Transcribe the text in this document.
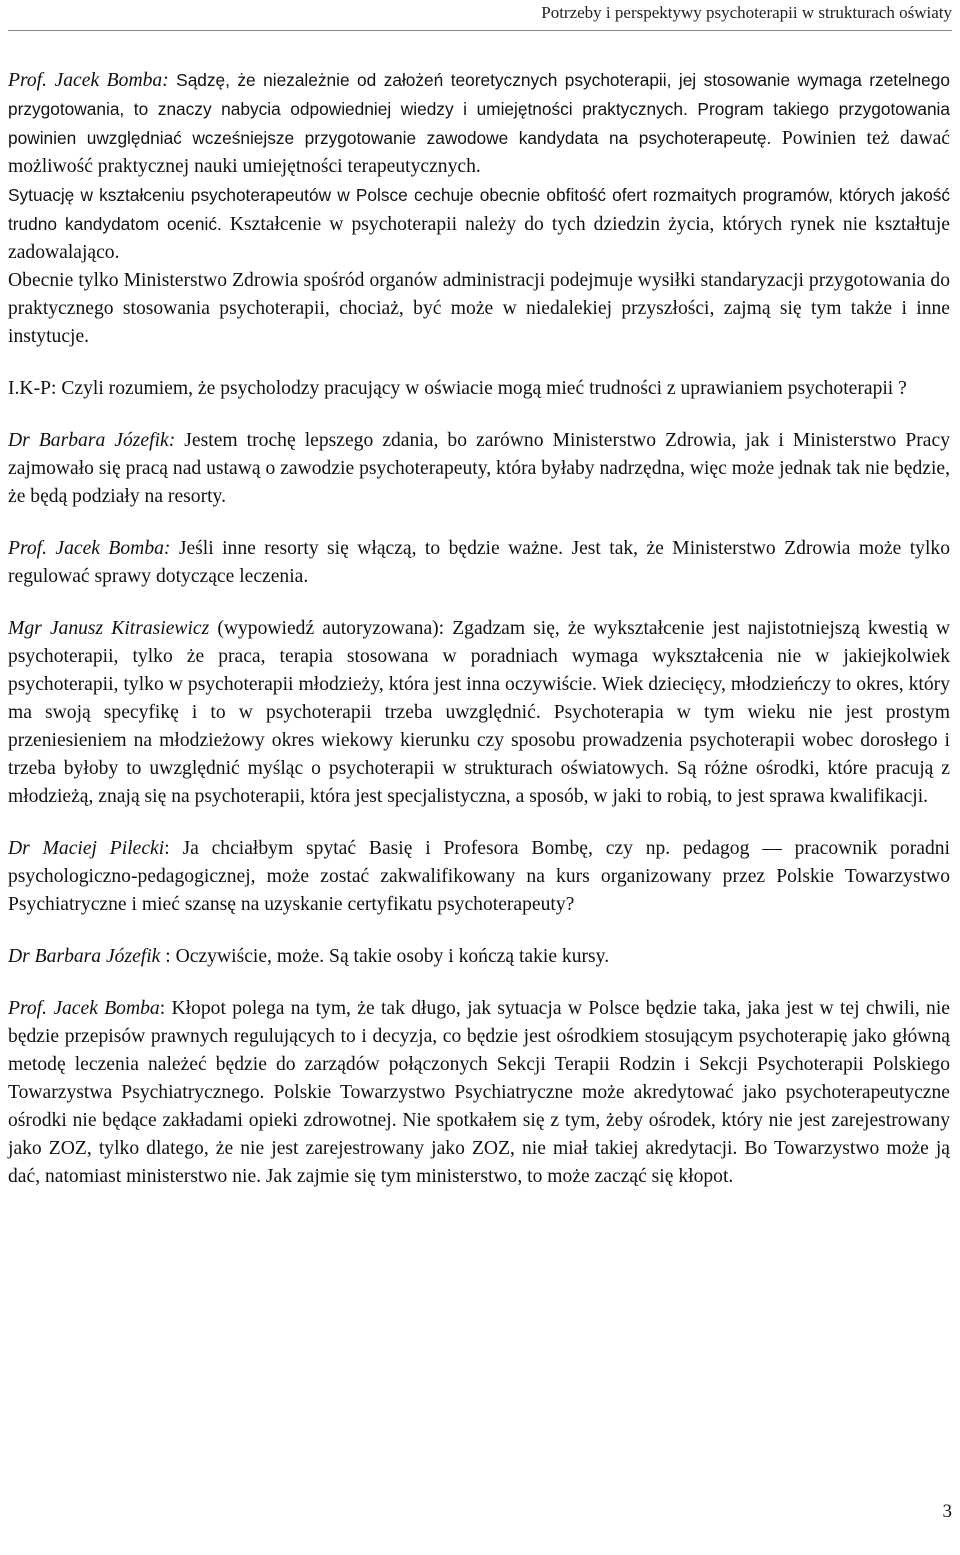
Potrzeby i perspektywy psychoterapii w strukturach oświaty

Prof. Jacek Bomba: Sądzę, że niezależnie od założeń teoretycznych psychoterapii, jej stosowanie wymaga rzetelnego przygotowania, to znaczy nabycia odpowiedniej wiedzy i umiejętności praktycznych. Program takiego przygotowania powinien uwzględniać wcześniejsze przygotowanie zawodowe kandydata na psychoterapeutę. Powinien też dawać możliwość praktycznej nauki umiejętności terapeutycznych.

Sytuację w kształceniu psychoterapeutów w Polsce cechuje obecnie obfitość ofert rozmaitych programów, których jakość trudno kandydatom ocenić. Kształcenie w psychoterapii należy do tych dziedzin życia, których rynek nie kształtuje zadowalająco.

Obecnie tylko Ministerstwo Zdrowia spośród organów administracji podejmuje wysiłki standaryzacji przygotowania do praktycznego stosowania psychoterapii, chociaż, być może w niedalekiej przyszłości, zajmą się tym także i inne instytucje.

I.K-P: Czyli rozumiem, że psycholodzy pracujący w oświacie mogą mieć trudności z uprawianiem psychoterapii ?

Dr Barbara Józefik: Jestem trochę lepszego zdania, bo zarówno Ministerstwo Zdrowia, jak i Ministerstwo Pracy zajmowało się pracą nad ustawą o zawodzie psychoterapeuty, która byłaby nadrzędna, więc może jednak tak nie będzie, że będą podziały na resorty.

Prof. Jacek Bomba: Jeśli inne resorty się włączą, to będzie ważne. Jest tak, że Ministerstwo Zdrowia może tylko regulować sprawy dotyczące leczenia.

Mgr Janusz Kitrasiewicz (wypowiedź autoryzowana): Zgadzam się, że wykształcenie jest najistotniejszą kwestią w psychoterapii, tylko że praca, terapia stosowana w poradniach wymaga wykształcenia nie w jakiejkolwiek psychoterapii, tylko w psychoterapii młodzieży, która jest inna oczywiście. Wiek dziecięcy, młodzieńczy to okres, który ma swoją specyfikę i to w psychoterapii trzeba uwzględnić. Psychoterapia w tym wieku nie jest prostym przeniesieniem na młodzieżowy okres wiekowy kierunku czy sposobu prowadzenia psychoterapii wobec dorosłego i trzeba byłoby to uwzględnić myśląc o psychoterapii w strukturach oświatowych. Są różne ośrodki, które pracują z młodzieżą, znają się na psychoterapii, która jest specjalistyczna, a sposób, w jaki to robią, to jest sprawa kwalifikacji.

Dr Maciej Pilecki: Ja chciałbym spytać Basię i Profesora Bombę, czy np. pedagog — pracownik poradni psychologiczno-pedagogicznej, może zostać zakwalifikowany na kurs organizowany przez Polskie Towarzystwo Psychiatryczne i mieć szansę na uzyskanie certyfikatu psychoterapeuty?

Dr Barbara Józefik : Oczywiście, może. Są takie osoby i kończą takie kursy.

Prof. Jacek Bomba: Kłopot polega na tym, że tak długo, jak sytuacja w Polsce będzie taka, jaka jest w tej chwili, nie będzie przepisów prawnych regulujących to i decyzja, co będzie jest ośrodkiem stosującym psychoterapię jako główną metodę leczenia należeć będzie do zarządów połączonych Sekcji Terapii Rodzin i Sekcji Psychoterapii Polskiego Towarzystwa Psychiatrycznego. Polskie Towarzystwo Psychiatryczne może akredytować jako psychoterapeutyczne ośrodki nie będące zakładami opieki zdrowotnej. Nie spotkałem się z tym, żeby ośrodek, który nie jest zarejestrowany jako ZOZ, tylko dlatego, że nie jest zarejestrowany jako ZOZ, nie miał takiej akredytacji. Bo Towarzystwo może ją dać, natomiast ministerstwo nie. Jak zajmie się tym ministerstwo, to może zacząć się kłopot.

3
